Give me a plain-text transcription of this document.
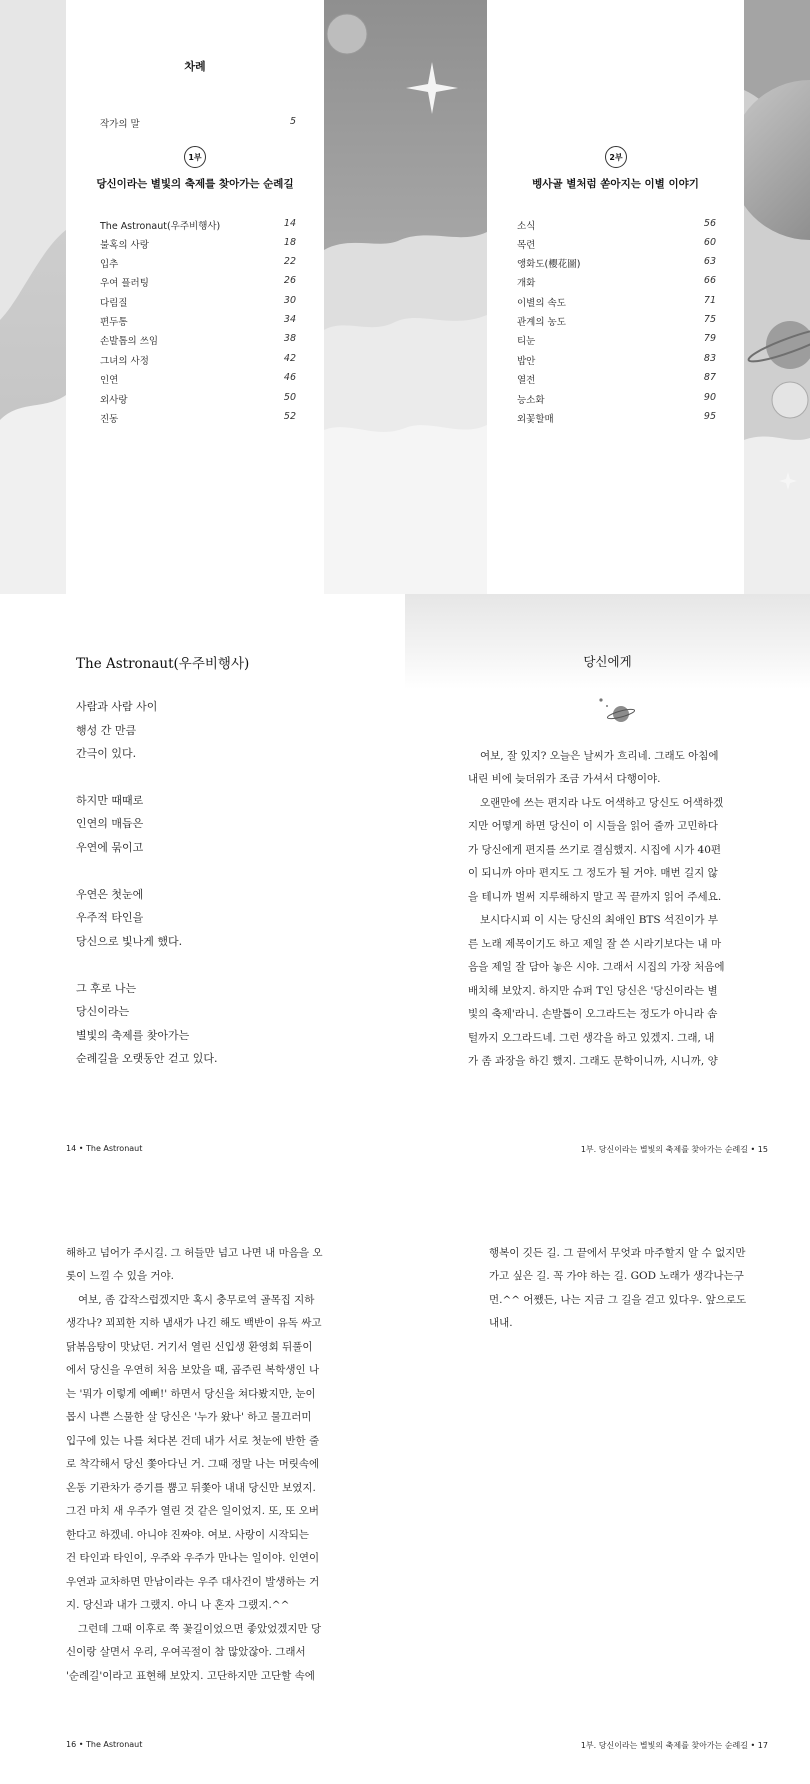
차례
작가의 말	5
1부
당신이라는 별빛의 축제를 찾아가는 순례길
The Astronaut(우주비행사)	14
불혹의 사랑	18
입추	22
우여 플러팅	26
다림질	30
편두통	34
손발톱의 쓰임	38
그녀의 사정	42
인연	46
외사랑	50
진동	52
2부
벵사골 별처럼 쏟아지는 이별 이야기
소식	56
목련	60
앵화도(櫻花圖)	63
개화	66
이별의 속도	71
관계의 농도	75
티눈	79
밥안	83
열전	87
능소화	90
외꽃할매	95
The Astronaut(우주비행사)
사람과 사람 사이
행성 간 만큼
간극이 있다.
하지만 때때로
인연의 매듭은
우연에 묶이고
우연은 첫눈에
우주적 타인을
당신으로 빛나게 했다.
그 후로 나는
당신이라는
별빛의 축제를 찾아가는
순례길을 오랫동안 걷고 있다.
14 • The Astronaut
당신에게
여보, 잘 있지? 오늘은 날씨가 흐리네. 그래도 아침에
내린 비에 늦더위가 조금 가셔서 다행이야.
오랜만에 쓰는 편지라 나도 어색하고 당신도 어색하겠
지만 어떻게 하면 당신이 이 시들을 읽어 줄까 고민하다
가 당신에게 편지를 쓰기로 결심했지. 시집에 시가 40편
이 되니까 아마 편지도 그 정도가 될 거야. 매번 길지 않
을 테니까 벌써 지루해하지 말고 꼭 끝까지 읽어 주세요.
보시다시피 이 시는 당신의 최애인 BTS 석진이가 부
른 노래 제목이기도 하고 제일 잘 쓴 시라기보다는 내 마
음을 제일 잘 담아 놓은 시야. 그래서 시집의 가장 처음에
배치해 보았지. 하지만 슈퍼 T인 당신은 '당신이라는 별
빛의 축제'라니. 손발톱이 오그라드는 정도가 아니라 솜
털까지 오그라드네. 그런 생각을 하고 있겠지. 그래, 내
가 좀 과장을 하긴 했지. 그래도 문학이니까, 시니까, 양
1부. 당신이라는 별빛의 축제를 찾아가는 순례길 • 15
해하고 넘어가 주시길. 그 허들만 넘고 나면 내 마음을 오
롯이 느낄 수 있을 거야.
여보, 좀 갑작스럽겠지만 혹시 충무로역 골목집 지하
생각나? 꾀꾀한 지하 냄새가 나긴 해도 백반이 유독 싸고
닭볶음탕이 맛났던. 거기서 열린 신입생 환영회 뒤풀이
에서 당신을 우연히 처음 보았을 때, 곱주린 복학생인 나
는 '뭐가 이렇게 예뻐!' 하면서 당신을 쳐다봤지만, 눈이
몹시 나쁜 스물한 살 당신은 '누가 왔나' 하고 물끄러미
입구에 있는 나를 쳐다본 건데 내가 서로 첫눈에 반한 줄
로 착각해서 당신 쫓아다닌 거. 그때 정말 나는 머릿속에
온동 기관차가 증기를 뿜고 뒤쫓아 내내 당신만 보였지.
그건 마치 새 우주가 열린 것 같은 일이었지. 또, 또 오버
한다고 하겠네. 아니야 진짜야. 여보. 사랑이 시작되는
건 타인과 타인이, 우주와 우주가 만나는 일이야. 인연이
우연과 교차하면 만남이라는 우주 대사건이 발생하는 거
지. 당신과 내가 그랬지. 아니 나 혼자 그랬지.^^
그런데 그때 이후로 쭉 꽃길이었으면 좋았었겠지만 당
신이랑 살면서 우리, 우여곡절이 참 많았잖아. 그래서
'순례길'이라고 표현해 보았지. 고단하지만 고단할 속에
16 • The Astronaut
행복이 깃든 길. 그 끝에서 무엇과 마주할지 알 수 없지만
가고 싶은 길. 꼭 가야 하는 길. GOD 노래가 생각나는구
먼.^^ 어쨌든, 나는 지금 그 길을 걷고 있다우. 앞으로도
내내.
1부. 당신이라는 별빛의 축제를 찾아가는 순례길 • 17
